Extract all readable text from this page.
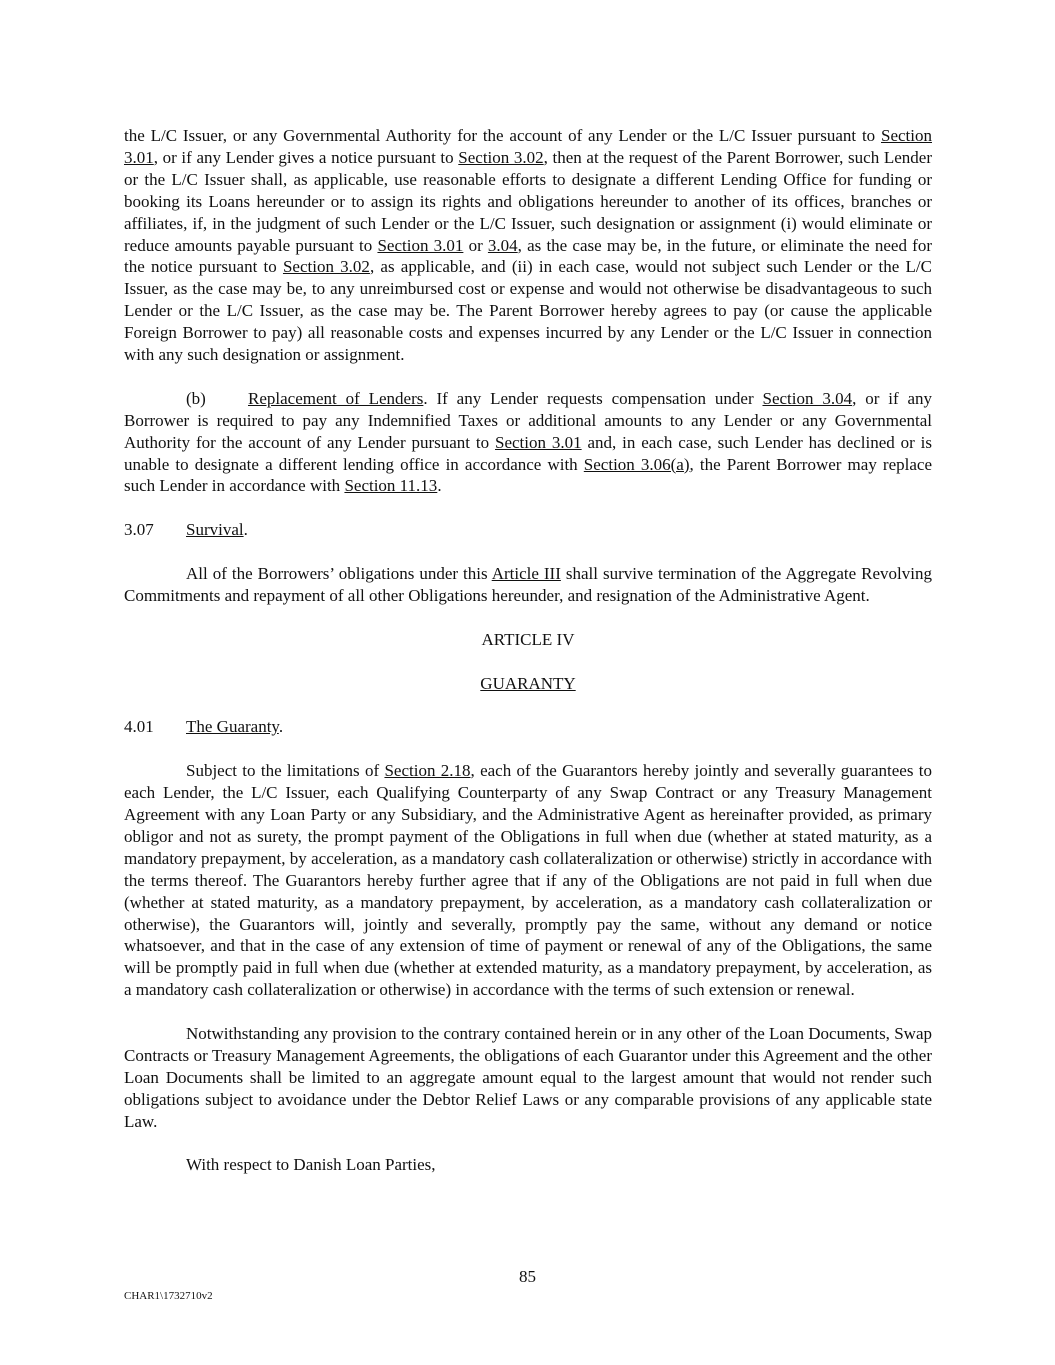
the L/C Issuer, or any Governmental Authority for the account of any Lender or the L/C Issuer pursuant to Section 3.01, or if any Lender gives a notice pursuant to Section 3.02, then at the request of the Parent Borrower, such Lender or the L/C Issuer shall, as applicable, use reasonable efforts to designate a different Lending Office for funding or booking its Loans hereunder or to assign its rights and obligations hereunder to another of its offices, branches or affiliates, if, in the judgment of such Lender or the L/C Issuer, such designation or assignment (i) would eliminate or reduce amounts payable pursuant to Section 3.01 or 3.04, as the case may be, in the future, or eliminate the need for the notice pursuant to Section 3.02, as applicable, and (ii) in each case, would not subject such Lender or the L/C Issuer, as the case may be, to any unreimbursed cost or expense and would not otherwise be disadvantageous to such Lender or the L/C Issuer, as the case may be. The Parent Borrower hereby agrees to pay (or cause the applicable Foreign Borrower to pay) all reasonable costs and expenses incurred by any Lender or the L/C Issuer in connection with any such designation or assignment.

(b) Replacement of Lenders. If any Lender requests compensation under Section 3.04, or if any Borrower is required to pay any Indemnified Taxes or additional amounts to any Lender or any Governmental Authority for the account of any Lender pursuant to Section 3.01 and, in each case, such Lender has declined or is unable to designate a different lending office in accordance with Section 3.06(a), the Parent Borrower may replace such Lender in accordance with Section 11.13.

3.07 Survival.

All of the Borrowers’ obligations under this Article III shall survive termination of the Aggregate Revolving Commitments and repayment of all other Obligations hereunder, and resignation of the Administrative Agent.

ARTICLE IV

GUARANTY

4.01 The Guaranty.

Subject to the limitations of Section 2.18, each of the Guarantors hereby jointly and severally guarantees to each Lender, the L/C Issuer, each Qualifying Counterparty of any Swap Contract or any Treasury Management Agreement with any Loan Party or any Subsidiary, and the Administrative Agent as hereinafter provided, as primary obligor and not as surety, the prompt payment of the Obligations in full when due (whether at stated maturity, as a mandatory prepayment, by acceleration, as a mandatory cash collateralization or otherwise) strictly in accordance with the terms thereof. The Guarantors hereby further agree that if any of the Obligations are not paid in full when due (whether at stated maturity, as a mandatory prepayment, by acceleration, as a mandatory cash collateralization or otherwise), the Guarantors will, jointly and severally, promptly pay the same, without any demand or notice whatsoever, and that in the case of any extension of time of payment or renewal of any of the Obligations, the same will be promptly paid in full when due (whether at extended maturity, as a mandatory prepayment, by acceleration, as a mandatory cash collateralization or otherwise) in accordance with the terms of such extension or renewal.

Notwithstanding any provision to the contrary contained herein or in any other of the Loan Documents, Swap Contracts or Treasury Management Agreements, the obligations of each Guarantor under this Agreement and the other Loan Documents shall be limited to an aggregate amount equal to the largest amount that would not render such obligations subject to avoidance under the Debtor Relief Laws or any comparable provisions of any applicable state Law.

With respect to Danish Loan Parties,

85
CHAR1\1732710v2
